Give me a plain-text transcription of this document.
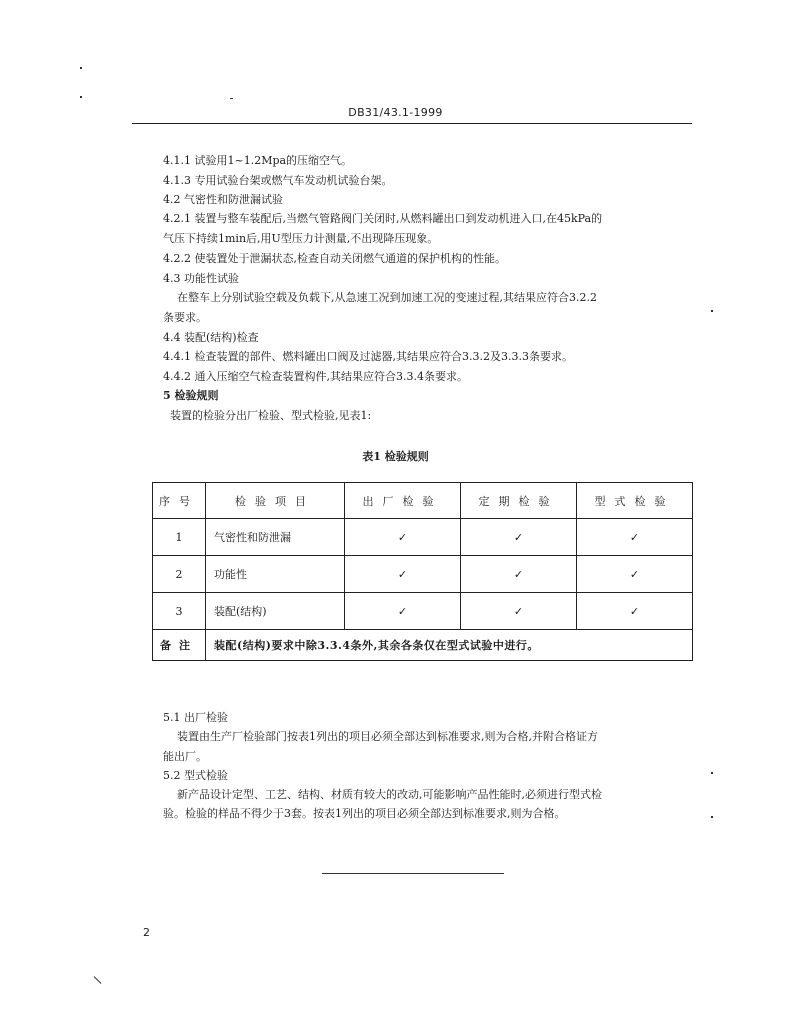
DB31/43.1-1999
4.1.1 试验用1~1.2Mpa的压缩空气。
4.1.3 专用试验台架或燃气车发动机试验台架。
4.2 气密性和防泄漏试验
4.2.1 装置与整车装配后,当燃气管路阀门关闭时,从燃料罐出口到发动机进入口,在45kPa的
气压下持续1min后,用U型压力计测量,不出现降压现象。
4.2.2 使装置处于泄漏状态,检查自动关闭燃气通道的保护机构的性能。
4.3 功能性试验
在整车上分别试验空载及负载下,从急速工况到加速工况的变速过程,其结果应符合3.2.2
条要求。
4.4 装配(结构)检查
4.4.1 检查装置的部件、燃料罐出口阀及过滤器,其结果应符合3.3.2及3.3.3条要求。
4.4.2 通入压缩空气检查装置构件,其结果应符合3.3.4条要求。
5 检验规则
装置的检验分出厂检验、型式检验,见表1:
表1 检验规则
序号	检验项目	出厂检验	定期检验	型式检验
1	气密性和防泄漏	✓	✓	✓
2	功能性	✓	✓	✓
3	装配(结构)	✓	✓	✓
备注	装配(结构)要求中除3.3.4条外,其余各条仅在型式试验中进行。			
5.1 出厂检验
装置由生产厂检验部门按表1列出的项目必须全部达到标准要求,则为合格,并附合格证方
能出厂。
5.2 型式检验
新产品设计定型、工艺、结构、材质有较大的改动,可能影响产品性能时,必须进行型式检
验。检验的样品不得少于3套。按表1列出的项目必须全部达到标准要求,则为合格。
2
